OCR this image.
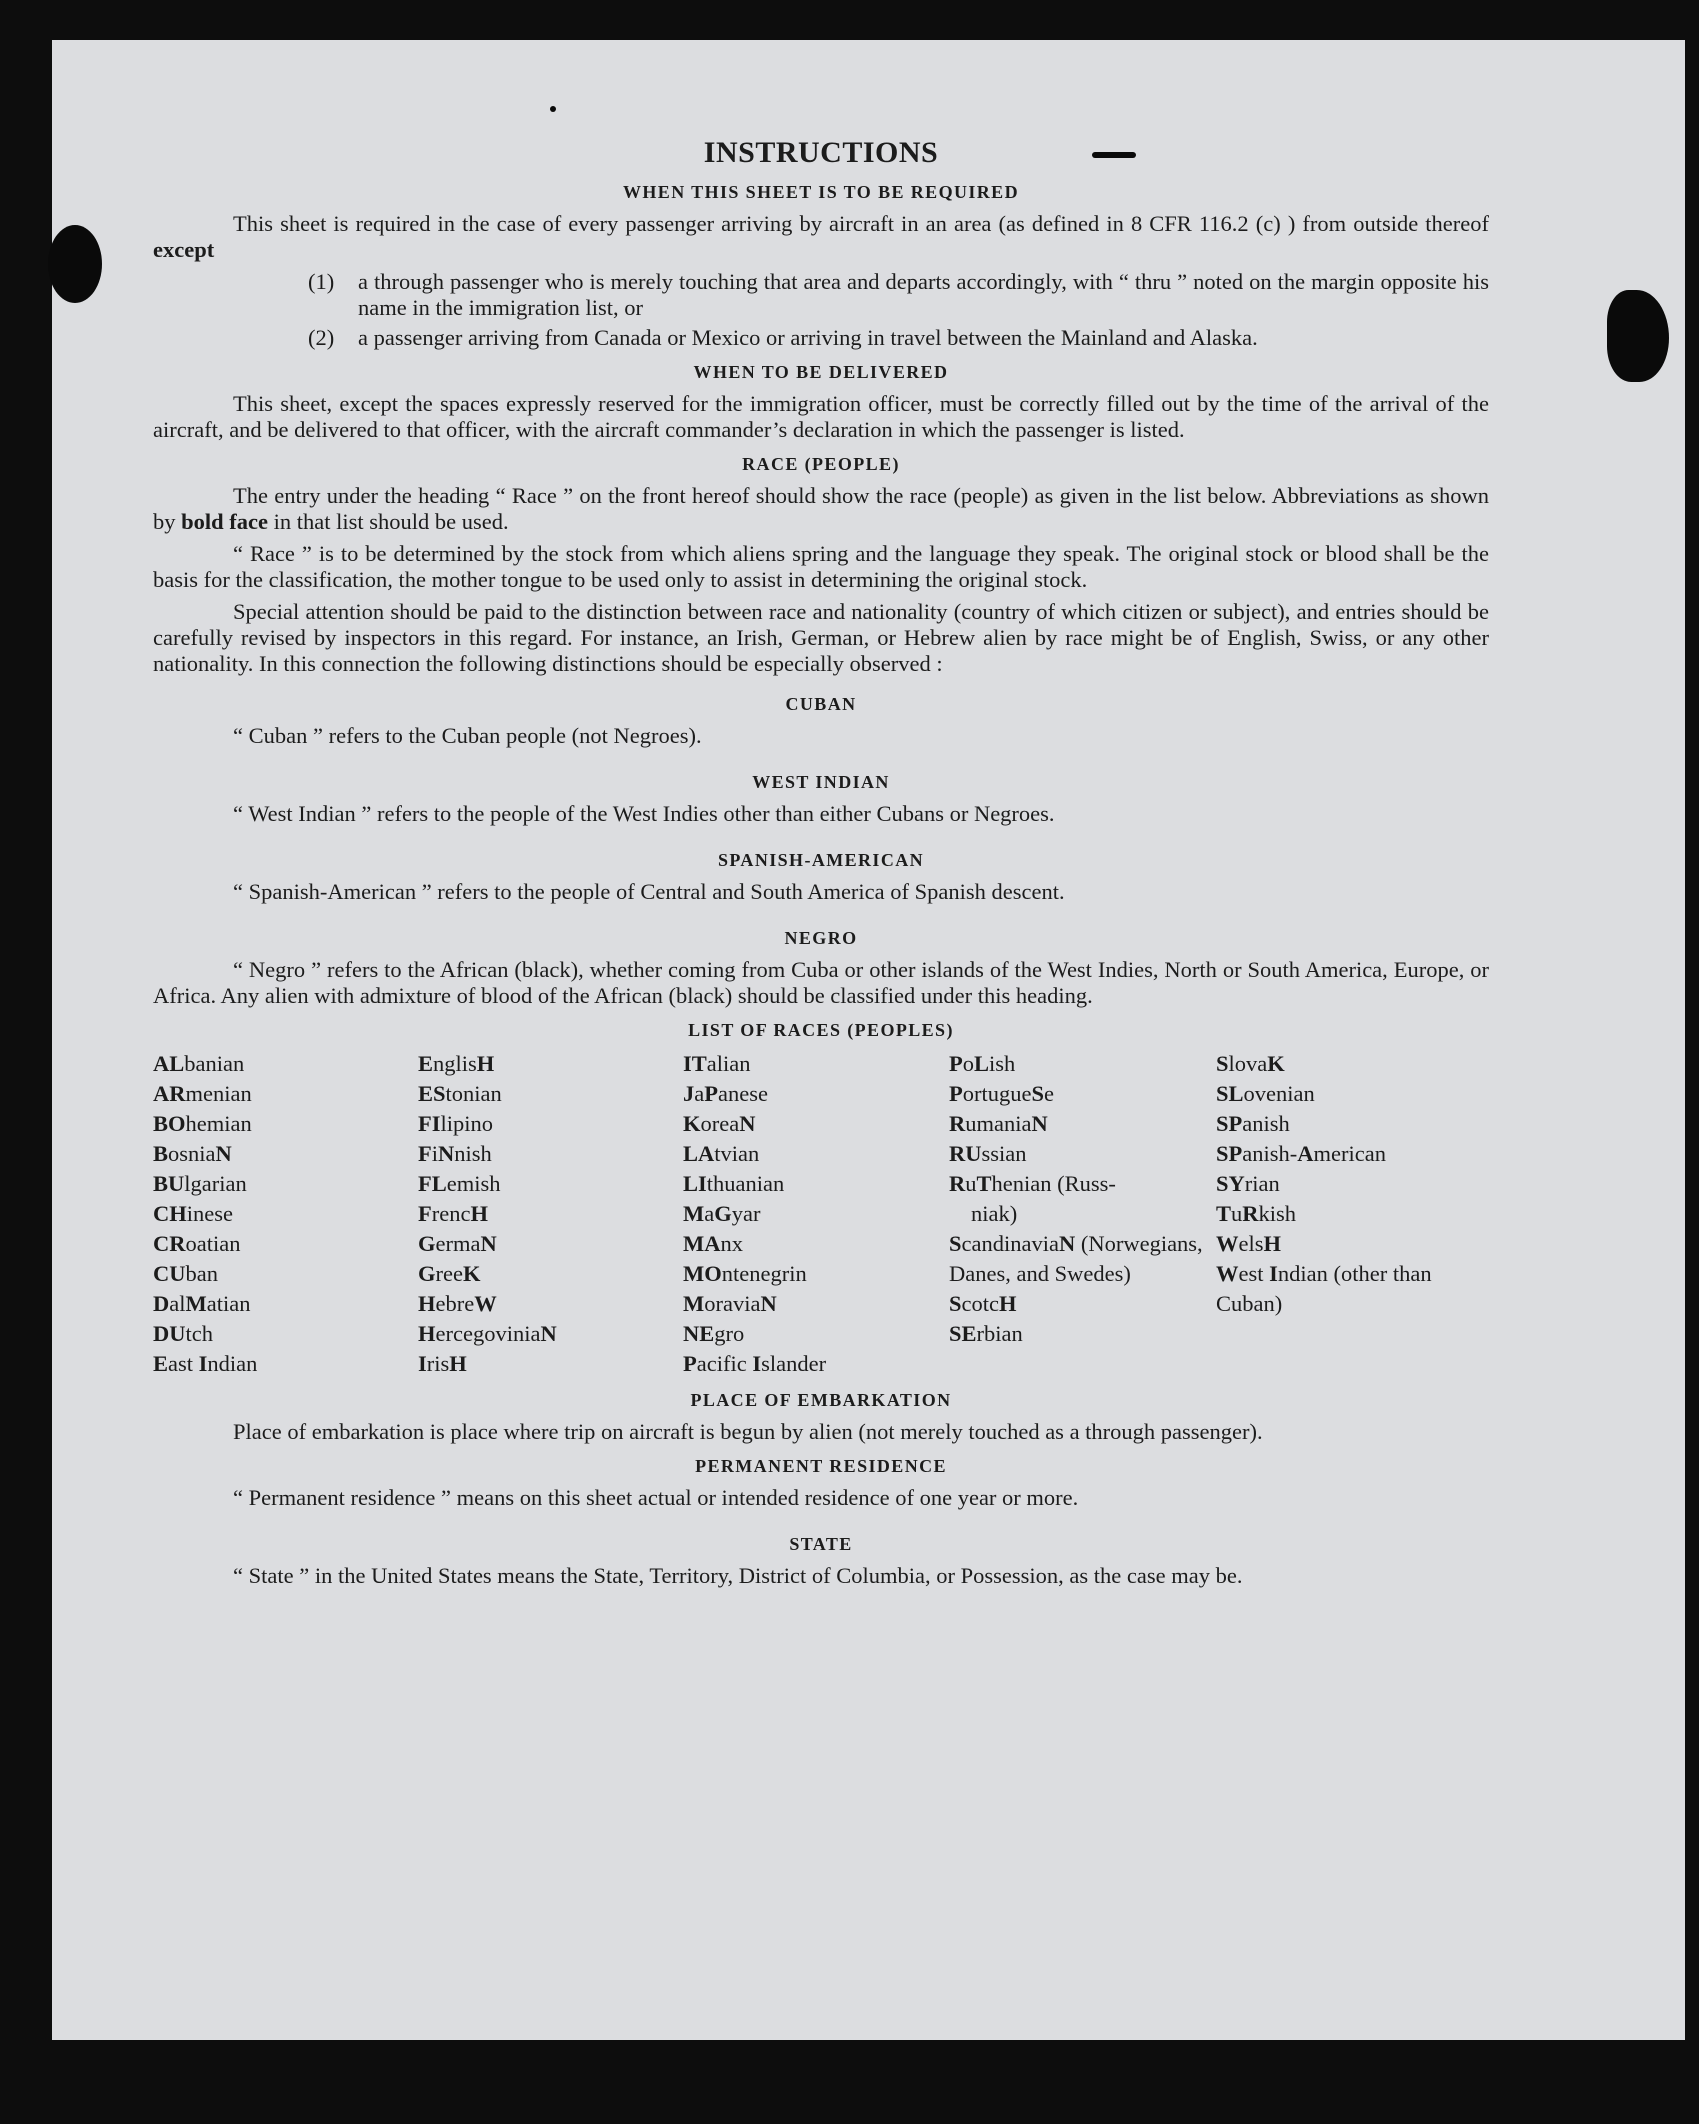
INSTRUCTIONS
WHEN THIS SHEET IS TO BE REQUIRED

This sheet is required in the case of every passenger arriving by aircraft in an area (as defined in 8 CFR 116.2 (c) ) from outside thereof except

(1)	a through passenger who is merely touching that area and departs accordingly, with “ thru ” noted on the margin opposite his name in the immigration list, or
(2)	a passenger arriving from Canada or Mexico or arriving in travel between the Mainland and Alaska.
WHEN TO BE DELIVERED

This sheet, except the spaces expressly reserved for the immigration officer, must be correctly filled out by the time of the arrival of the aircraft, and be delivered to that officer, with the aircraft commander’s declaration in which the passenger is listed.

RACE (PEOPLE)

The entry under the heading “ Race ” on the front hereof should show the race (people) as given in the list below. Abbreviations as shown by bold face in that list should be used.

“ Race ” is to be determined by the stock from which aliens spring and the language they speak. The original stock or blood shall be the basis for the classification, the mother tongue to be used only to assist in determining the original stock.

Special attention should be paid to the distinction between race and nationality (country of which citizen or subject), and entries should be carefully revised by inspectors in this regard. For instance, an Irish, German, or Hebrew alien by race might be of English, Swiss, or any other nationality. In this connection the following distinctions should be especially observed :

CUBAN

“ Cuban ” refers to the Cuban people (not Negroes).

WEST INDIAN

“ West Indian ” refers to the people of the West Indies other than either Cubans or Negroes.

SPANISH-AMERICAN

“ Spanish-American ” refers to the people of Central and South America of Spanish descent.

NEGRO

“ Negro ” refers to the African (black), whether coming from Cuba or other islands of the West Indies, North or South America, Europe, or Africa. Any alien with admixture of blood of the African (black) should be classified under this heading.

LIST OF RACES (PEOPLES)
ALbanian
ARmenian
BOhemian
BosniaN
BUlgarian
CHinese
CRoatian
CUban
DalMatian
DUtch
East Indian
EnglisH
EStonian
FIlipino
FiNnish
FLemish
FrencH
GermaN
GreeK
HebreW
HercegoviniaN
IrisH
ITalian
JaPanese
KoreaN
LAtvian
LIthuanian
MaGyar
MAnx
MOntenegrin
MoraviaN
NEgro
Pacific Islander
PoLish
PortugueSe
RumaniaN
RUssian
RuThenian (Russ-
niak)
ScandinaviaN (Norwegians, Danes, and Swedes)
ScotcH
SErbian
SlovaK
SLovenian
SPanish
SPanish-American
SYrian
TuRkish
WelsH
West Indian (other than Cuban)
PLACE OF EMBARKATION

Place of embarkation is place where trip on aircraft is begun by alien (not merely touched as a through passenger).

PERMANENT RESIDENCE

“ Permanent residence ” means on this sheet actual or intended residence of one year or more.

STATE

“ State ” in the United States means the State, Territory, District of Columbia, or Possession, as the case may be.
